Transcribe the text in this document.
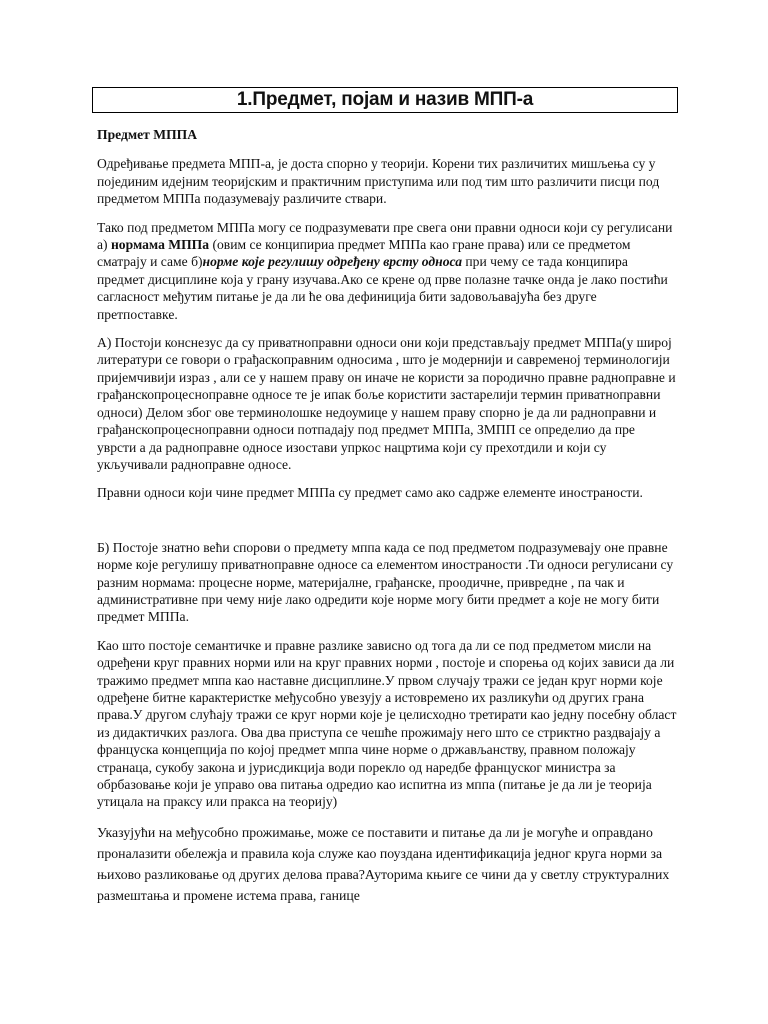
1.Предмет, појам и назив МПП-а

Предмет МППА

Одређивање предмета МПП-а, је доста спорно у теорији. Корени тих различитих мишљења су у појединим идејним теоријским и практичним приступима или под тим што различити писци под предметом МППа подазумевају различите ствари.

Тако под предметом МППа могу се подразумевати пре свега они правни односи који су регулисани а) нормама МППа (овим се конципириа предмет МППа као гране права) или се предметом сматрају и саме б)норме које регулишу одређену врсту односа при чему се тада конципира предмет дисциплине која у грану изучава.Ако се крене од прве полазне тачке онда је лако постићи сагласност међутим питање је да ли ће ова дефиниција бити задовољавајућа без друге претпоставке.

А) Постоји конснезус да су приватноправни односи они који представљају предмет МППа(у широј литератури се говори о грађаскоправним односима , што је модернији и савременој терминологији пријемчивији израз , али се у нашем праву он иначе не користи за породично правне радноправне и грађанскопроцесноправне односе те је ипак боље користити застарелији термин приватноправни односи) Делом због ове терминолошке недоумице у нашем праву спорно је да ли радноправни и грађанскопроцесноправни односи потпадају под предмет МППа, ЗМПП се определио да пре уврсти а да радноправне односе изостави упркос нацртима који су прехотдили и који су укључивали радноправне односе.

Правни односи који чине предмет МППа су предмет само ако садрже елементе иностраности.

Б) Постоје знатно већи спорови о предмету мппа када се под предметом подразумевају оне правне норме које регулишу приватноправне односе са елементом иностраности .Ти односи регулисани су разним нормама: процесне норме, материјалне, грађанске, проодичне, привредне , па чак и административне при чему није лако одредити које норме могу бити предмет а које не могу бити предмет МППа.

Као што постоје семантичке и правне разлике зависно од тога да ли се под предметом мисли на одређени круг правних норми или на круг правних норми , постоје и спорења од којих зависи да ли тражимо предмет мппа као наставне дисциплине.У првом случају тражи се један круг норми које одређене битне карактеристке међусобно увезују а истовремено их разликући од других грана права.У другом слућају тражи се круг норми које је целисходно третирати као једну посебну област из дидактичких разлога. Ова два приступа се чешће прожимају него што се стриктно раздвајају а француска концепција по којој предмет мппа чине норме о држављанству, правном положају странаца, сукобу закона и јурисдикција води порекло од наредбе француског министра за обрбазовање који је управо ова питања одредио као испитна из мппа (питање је да ли је теорија утицала на праксу или пракса на теорију)

Указујући на међусобно прожимање, може се поставити и питање да ли је могуће и оправдано проналазити обележја и правила која служе као поуздана идентификација једног круга норми за њихово разликовање од других делова права?Ауторима књиге се чини да у светлу структуралних размештања и промене истема права, ганице
